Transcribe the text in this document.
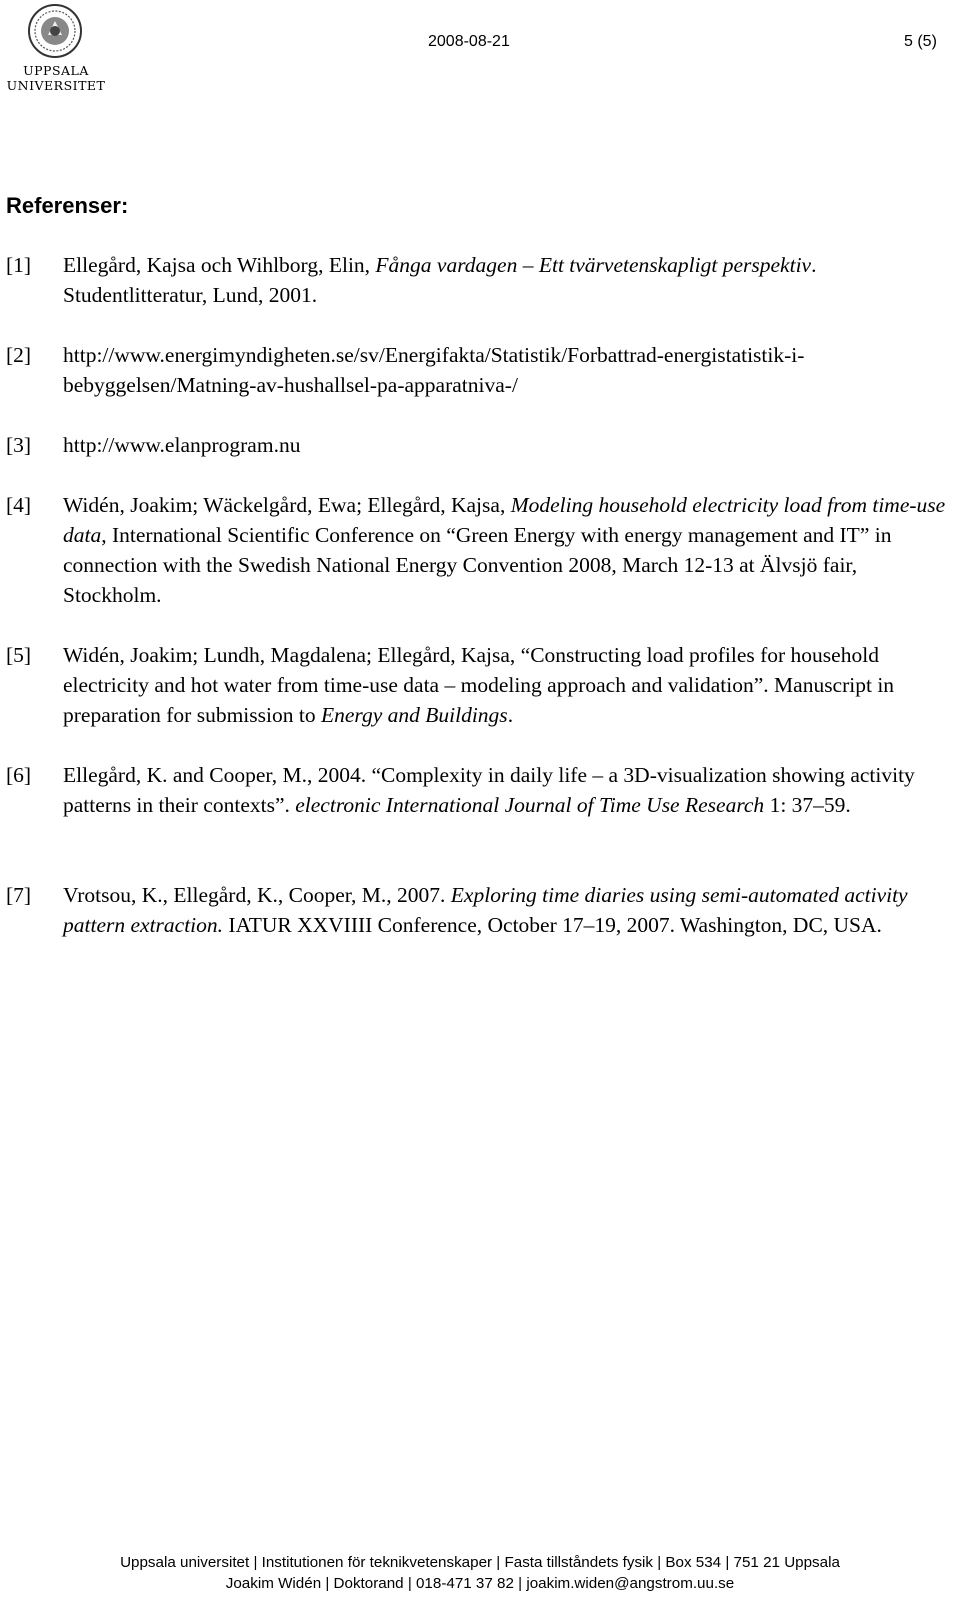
UPPSALA
UNIVERSITET
2008-08-21	5 (5)
Referenser:
[1] Ellegård, Kajsa och Wihlborg, Elin, Fånga vardagen – Ett tvärvetenskapligt perspektiv. Studentlitteratur, Lund, 2001.
[2] http://www.energimyndigheten.se/sv/Energifakta/Statistik/Forbattrad-energistatistik-i-bebyggelsen/Matning-av-hushallsel-pa-apparatniva-/
[3] http://www.elanprogram.nu
[4] Widén, Joakim; Wäckelgård, Ewa; Ellegård, Kajsa, Modeling household electricity load from time-use data, International Scientific Conference on “Green Energy with energy management and IT” in connection with the Swedish National Energy Convention 2008, March 12-13 at Älvsjö fair, Stockholm.
[5] Widén, Joakim; Lundh, Magdalena; Ellegård, Kajsa, “Constructing load profiles for household electricity and hot water from time-use data – modeling approach and validation”. Manuscript in preparation for submission to Energy and Buildings.
[6] Ellegård, K. and Cooper, M., 2004. “Complexity in daily life – a 3D-visualization showing activity patterns in their contexts”. electronic International Journal of Time Use Research 1: 37–59.
[7] Vrotsou, K., Ellegård, K., Cooper, M., 2007. Exploring time diaries using semi-automated activity pattern extraction. IATUR XXVIIII Conference, October 17–19, 2007. Washington, DC, USA.
Uppsala universitet | Institutionen för teknikvetenskaper | Fasta tillståndets fysik | Box 534 | 751 21 Uppsala
Joakim Widén | Doktorand | 018-471 37 82 | joakim.widen@angstrom.uu.se
